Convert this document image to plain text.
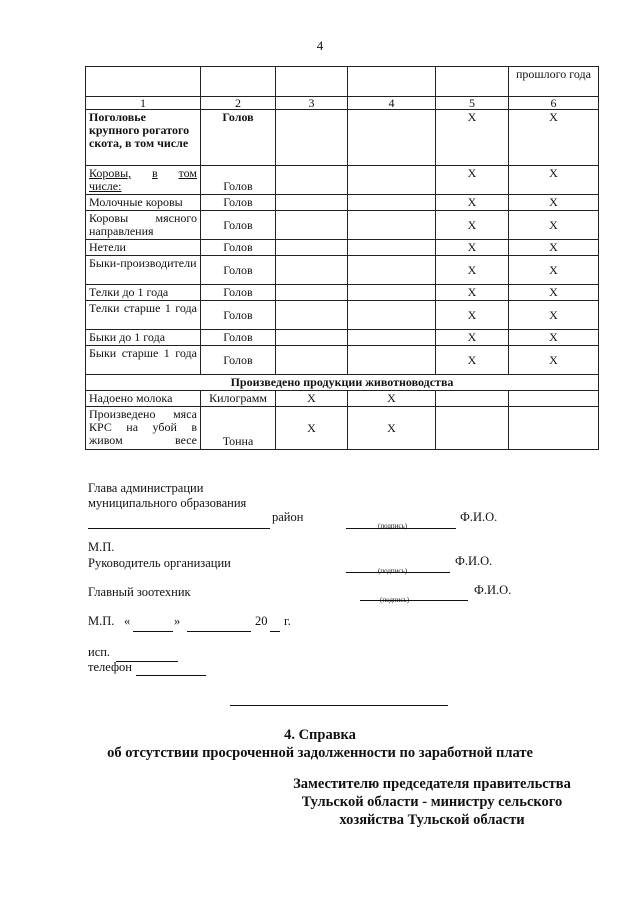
4
					прошлого года
1	2	3	4	5	6
Поголовье крупного рогатого скота, в том числе	Голов			Х	Х

Коровы, в том
числе:	Голов			Х	Х
Молочные коровы	Голов			Х	Х
Коровы мясного направления	Голов			Х	Х
Нетели	Голов			Х	Х
Быки-производители	Голов			Х	Х
Телки до 1 года	Голов			Х	Х
Телки старше 1 года	Голов			Х	Х
Быки до 1 года	Голов			Х	Х
Быки старше 1 года	Голов			Х	Х
Произведено продукции животноводства					
Надоено молока	Килограмм	Х	Х		
Произведено мяса КРС на убой в живом весе	Тонна	Х	Х		
Глава администрации
муниципального образования
район
(подпись)
Ф.И.О.
М.П.
Руководитель организации
(подпись)
Ф.И.О.
Главный зоотехник
(подпись)
Ф.И.О.
М.П. «	»	20 г.
исп.
телефон
4. Справка
об отсутствии просроченной задолженности по заработной плате
Заместителю председателя правительства
Тульской области - министру сельского
хозяйства Тульской области
